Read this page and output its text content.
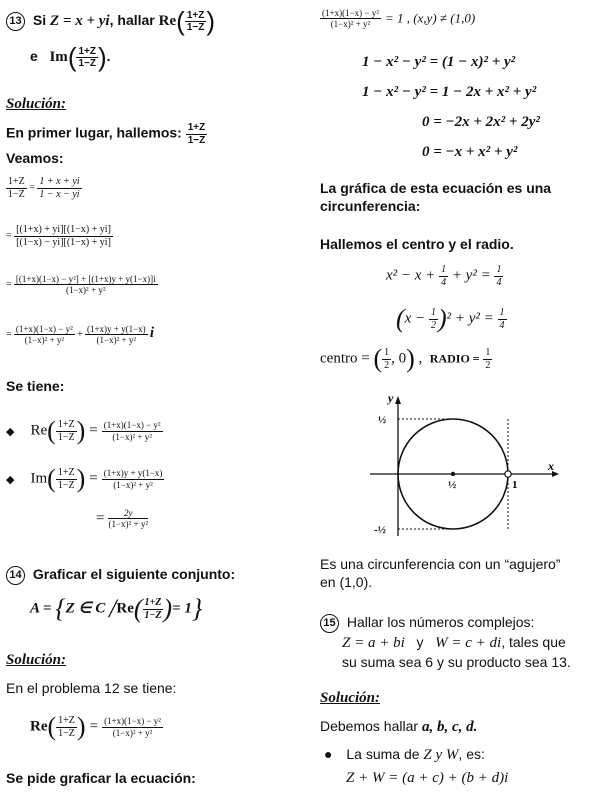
13 Si Z = x + yi, hallar $Re( \frac{1+Z}{1-Z}$ )
e $Im( \frac{1+Z}{1-Z}$ ).
Solución:
En primer lugar, hallemos: $\frac{1+Z}{1-Z}$
Veamos:
$\frac{1+Z}{1-Z} = \frac{1 + x + yi}{1 - x - yi}$
= $\frac{[(1+x) + yi][(1-x) + yi]}{[(1-x) - yi][(1-x) + yi]}$
= $\frac{\text{[(1+x)(1−x) − y²] + [(1+x)y + y(1−x)]i}}{\text{(1−x)² + y²}}$
= $\frac{\text{(1+x)(1−x) − y²}}{\text{(1−x)² + y²}} + \frac{(1+x)y + y(1-x)}{\text{(1−x)² + y²}}$ i
Se tiene:
◆ $Re( \frac{1+Z}{1-Z}$ ) = $\frac{\text{(1+x)(1−x) − y²}}{\text{(1−x)² + y²}}$
◆ $Im( \frac{1+Z}{1-Z}$ ) = $\frac{(1+x)y + y(1-x)}{\text{(1−x)² + y²}}$
= $\frac{2y}{\text{(1−x)² + y²}}$
14 Graficar el siguiente conjunto:
A = {Z ∈ C $/Re( \frac{1+Z}{1-Z}$ )= 1}
Solución:
En el problema 12 se tiene:
$Re( \frac{1+Z}{1-Z}$ ) = $\frac{\text{(1+x)(1−x) − y²}}{\text{(1−x)² + y²}}$
Se pide graficar la ecuación:
$\frac{\text{(1+x)(1−x) − y²}}{\text{(1−x)² + y²}} = 1$ , (x,y) ≠ (1,0)
1 − x² − y² = (1 − x)² + y²
1 − x² − y² = 1 − 2x + x² + y²
0 = −2x + 2x² + 2y²
0 = −x + x² + y²
La gráfica de esta ecuación es una
circunferencia:
Hallemos el centro y el radio.
$x^2 - x + \frac{1}{4} + y^2 = \frac{1}{4}$
$(x - \frac{1}{2} )^2 + y^2 = \frac{1}{4}$
centro = ( $\frac{1}{2}$ , 0) ,  RADIO = $\frac{1}{2}$
y
x
½
-½
½	1
Es una circunferencia con un “agujero”
en (1,0).
15 Hallar los números complejos:
Z = a + bi y W = c + di, tales que
su suma sea 6 y su producto sea 13.
Solución:
Debemos hallar a, b, c, d.
● La suma de Z y W, es:
Z + W = (a + c) + (b + d)i
